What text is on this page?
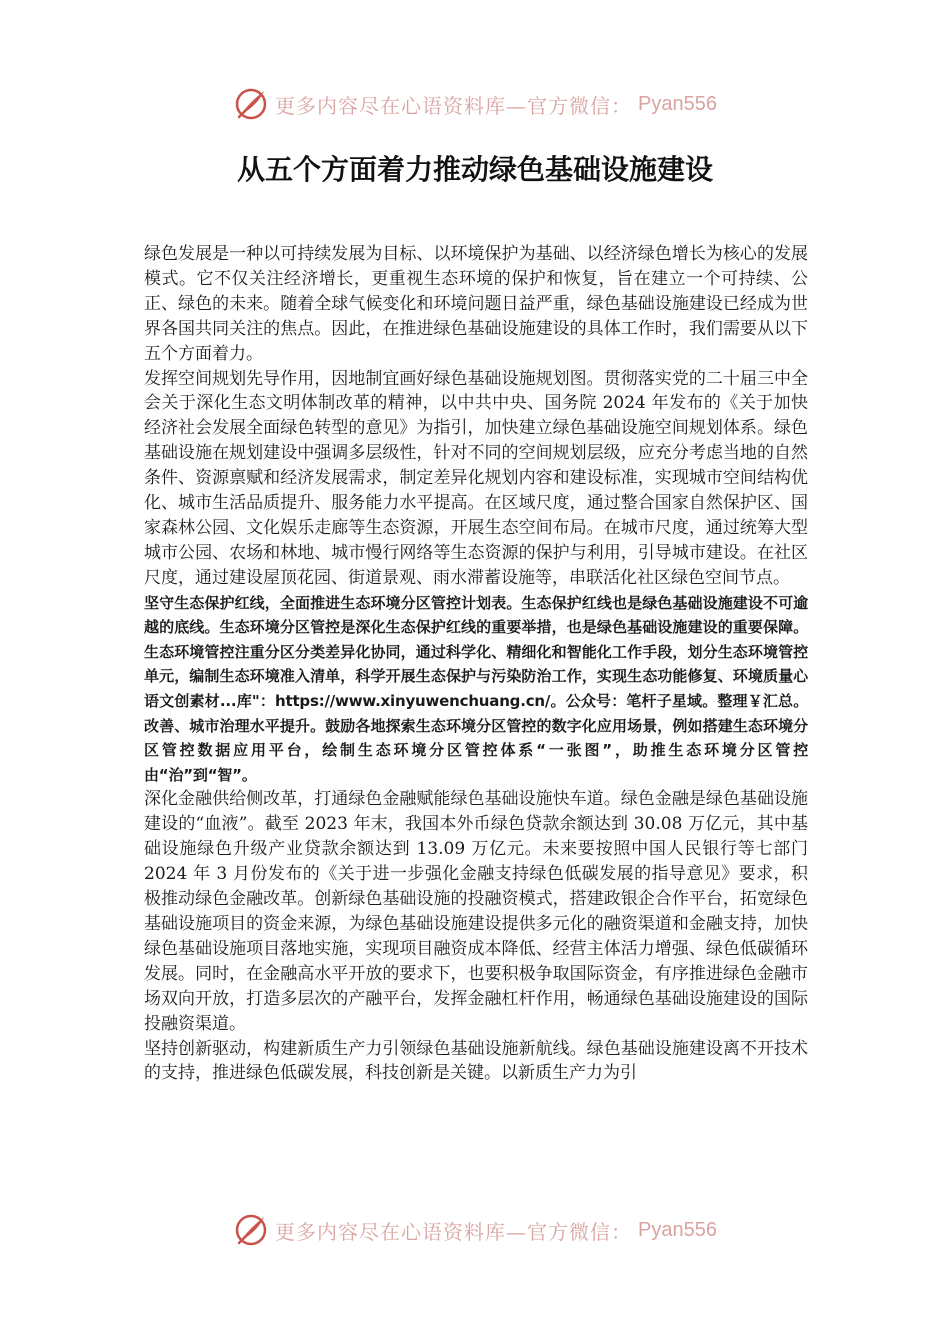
更多内容尽在心语资料库—官方微信： Pyan556
从五个方面着力推动绿色基础设施建设

绿色发展是一种以可持续发展为目标、以环境保护为基础、以经济绿色增长为核心的发展模式。它不仅关注经济增长，更重视生态环境的保护和恢复，旨在建立一个可持续、公正、绿色的未来。随着全球气候变化和环境问题日益严重，绿色基础设施建设已经成为世界各国共同关注的焦点。因此，在推进绿色基础设施建设的具体工作时，我们需要从以下五个方面着力。

发挥空间规划先导作用，因地制宜画好绿色基础设施规划图。贯彻落实党的二十届三中全会关于深化生态文明体制改革的精神，以中共中央、国务院 2024 年发布的《关于加快经济社会发展全面绿色转型的意见》为指引，加快建立绿色基础设施空间规划体系。绿色基础设施在规划建设中强调多层级性，针对不同的空间规划层级，应充分考虑当地的自然条件、资源禀赋和经济发展需求，制定差异化规划内容和建设标准，实现城市空间结构优化、城市生活品质提升、服务能力水平提高。在区域尺度，通过整合国家自然保护区、国家森林公园、文化娱乐走廊等生态资源，开展生态空间布局。在城市尺度，通过统筹大型城市公园、农场和林地、城市慢行网络等生态资源的保护与利用，引导城市建设。在社区尺度，通过建设屋顶花园、街道景观、雨水滞蓄设施等，串联活化社区绿色空间节点。

坚守生态保护红线，全面推进生态环境分区管控计划表。生态保护红线也是绿色基础设施建设不可逾越的底线。生态环境分区管控是深化生态保护红线的重要举措，也是绿色基础设施建设的重要保障。生态环境管控注重分区分类差异化协同，通过科学化、精细化和智能化工作手段，划分生态环境管控单元，编制生态环境准入清单，科学开展生态保护与污染防治工作，实现生态功能修复、环境质量心语文创素材...库"：https://www.xinyuwenchuang.cn/。公众号：笔杆子星域。整理￥汇总。改善、城市治理水平提升。鼓励各地探索生态环境分区管控的数字化应用场景，例如搭建生态环境分区管控数据应用平台，绘制生态环境分区管控体系“一张图”，助推生态环境分区管控由“治”到“智”。

深化金融供给侧改革，打通绿色金融赋能绿色基础设施快车道。绿色金融是绿色基础设施建设的“血液”。截至 2023 年末，我国本外币绿色贷款余额达到 30.08 万亿元，其中基础设施绿色升级产业贷款余额达到 13.09 万亿元。未来要按照中国人民银行等七部门 2024 年 3 月份发布的《关于进一步强化金融支持绿色低碳发展的指导意见》要求，积极推动绿色金融改革。创新绿色基础设施的投融资模式，搭建政银企合作平台，拓宽绿色基础设施项目的资金来源，为绿色基础设施建设提供多元化的融资渠道和金融支持，加快绿色基础设施项目落地实施，实现项目融资成本降低、经营主体活力增强、绿色低碳循环发展。同时，在金融高水平开放的要求下，也要积极争取国际资金，有序推进绿色金融市场双向开放，打造多层次的产融平台，发挥金融杠杆作用，畅通绿色基础设施建设的国际投融资渠道。

坚持创新驱动，构建新质生产力引领绿色基础设施新航线。绿色基础设施建设离不开技术的支持，推进绿色低碳发展，科技创新是关键。以新质生产力为引

更多内容尽在心语资料库—官方微信： Pyan556
